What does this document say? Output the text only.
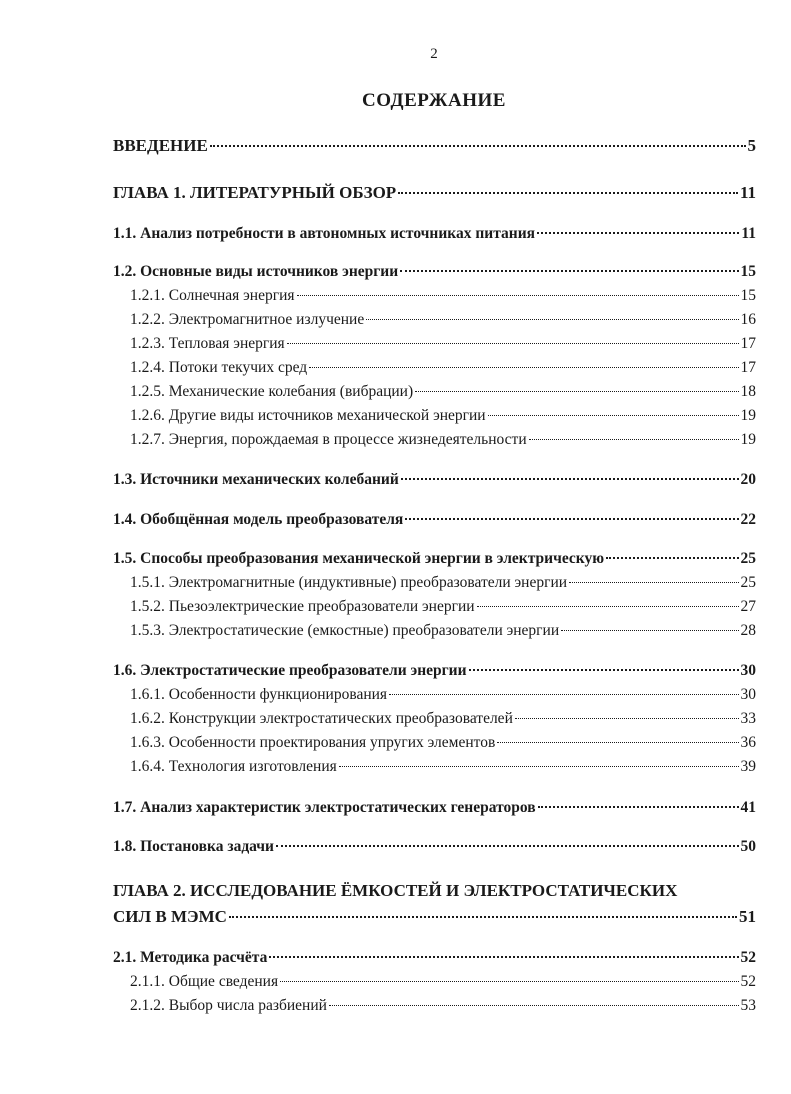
2
СОДЕРЖАНИЕ
ВВЕДЕНИЕ	5
ГЛАВА 1. ЛИТЕРАТУРНЫЙ ОБЗОР	11
1.1. Анализ потребности в автономных источниках питания	11
1.2. Основные виды источников энергии	15
1.2.1. Солнечная энергия	15
1.2.2. Электромагнитное излучение	16
1.2.3. Тепловая энергия	17
1.2.4. Потоки текучих сред	17
1.2.5. Механические колебания (вибрации)	18
1.2.6. Другие виды источников механической энергии	19
1.2.7. Энергия, порождаемая в процессе жизнедеятельности	19
1.3. Источники механических колебаний	20
1.4. Обобщённая модель преобразователя	22
1.5. Способы преобразования механической энергии в электрическую	25
1.5.1. Электромагнитные (индуктивные) преобразователи энергии	25
1.5.2. Пьезоэлектрические преобразователи энергии	27
1.5.3. Электростатические (емкостные) преобразователи энергии	28
1.6. Электростатические преобразователи энергии	30
1.6.1. Особенности функционирования	30
1.6.2. Конструкции электростатических преобразователей	33
1.6.3. Особенности проектирования упругих элементов	36
1.6.4. Технология изготовления	39
1.7. Анализ характеристик электростатических генераторов	41
1.8. Постановка задачи	50
ГЛАВА 2. ИССЛЕДОВАНИЕ ЁМКОСТЕЙ И ЭЛЕКТРОСТАТИЧЕСКИХ
СИЛ В МЭМС	51
2.1. Методика расчёта	52
2.1.1. Общие сведения	52
2.1.2. Выбор числа разбиений	53
